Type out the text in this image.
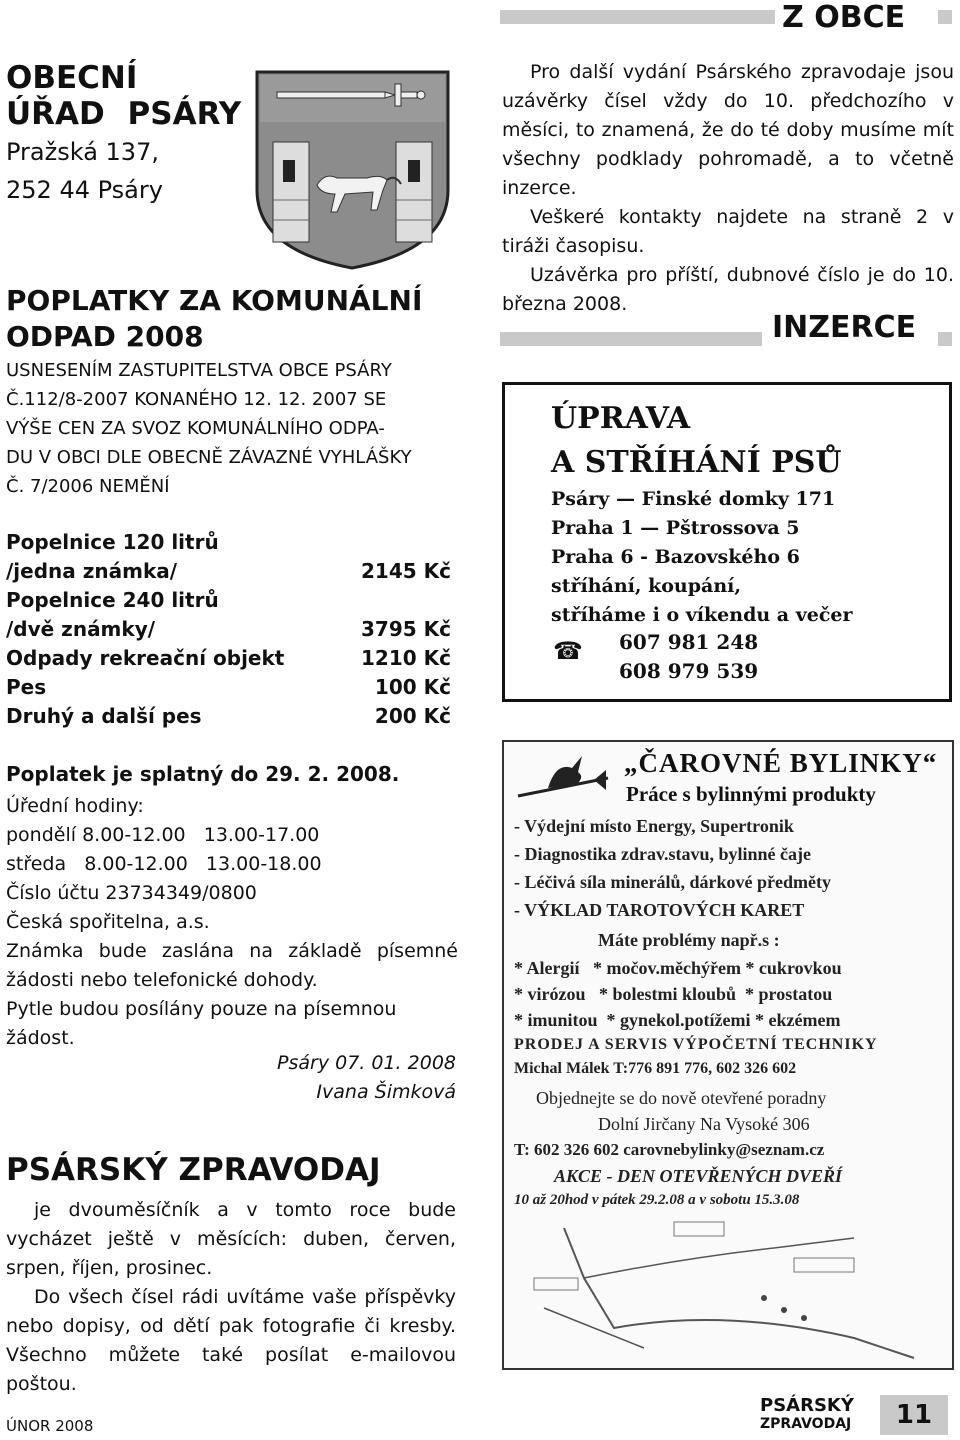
Z OBCE
OBECNÍ
ÚŘAD PSÁRY
Pražská 137,
252 44 Psáry
POPLATKY ZA KOMUNÁLNÍ
ODPAD 2008
USNESENÍM ZASTUPITELSTVA OBCE PSÁRY
Č.112/8-2007 KONANÉHO 12. 12. 2007 SE
VÝŠE CEN ZA SVOZ KOMUNÁLNÍHO ODPA-
DU V OBCI DLE OBECNĚ ZÁVAZNÉ VYHLÁŠKY
Č. 7/2006 NEMĚNÍ
Popelnice 120 litrů
/jedna známka/	2145 Kč
Popelnice 240 litrů
/dvě známky/	3795 Kč
Odpady rekreační objekt	1210 Kč
Pes	100 Kč
Druhý a další pes	200 Kč
Poplatek je splatný do 29. 2. 2008.
Úřední hodiny:
pondělí 8.00-12.00   13.00-17.00
středa   8.00-12.00   13.00-18.00
Číslo účtu 23734349/0800
Česká spořitelna, a.s.
Známka bude zaslána na základě písemné žádosti nebo telefonické dohody.
Pytle budou posílány pouze na písemnou žádost.
Psáry 07. 01. 2008
Ivana Šimková
PSÁRSKÝ ZPRAVODAJ

je dvouměsíčník a v tomto roce bude vycházet ještě v měsících: duben, červen, srpen, říjen, prosinec.

Do všech čísel rádi uvítáme vaše příspěvky nebo dopisy, od dětí pak fotografie či kresby. Všechno můžete také posílat e-mailovou poštou.

Pro další vydání Psárského zpravodaje jsou uzávěrky čísel vždy do 10. předchozího v měsíci, to znamená, že do té doby musíme mít všechny podklady pohromadě, a to včetně inzerce.

Veškeré kontakty najdete na straně 2 v tiráži časopisu.

Uzávěrka pro příští, dubnové číslo je do 10. března 2008.

INZERCE
ÚPRAVA
A STŘÍHÁNÍ PSŮ
Psáry — Finské domky 171
Praha 1 — Pštrossova 5
Praha 6 - Bazovského 6
stříhání, koupání,
stříháme i o víkendu a večer
☎ 607 981 248
608 979 539
„ČAROVNÉ BYLINKY“
Práce s bylinnými produkty
- Výdejní místo Energy, Supertronik
- Diagnostika zdrav.stavu, bylinné čaje
- Léčivá síla minerálů, dárkové předměty
- VÝKLAD TAROTOVÝCH KARET
Máte problémy např.s :
* Alergií   * močov.měchýřem * cukrovkou
* virózou   * bolestmi kloubů  * prostatou
* imunitou  * gynekol.potížemi * ekzémem
PRODEJ A SERVIS VÝPOČETNÍ TECHNIKY
Michal Málek T:776 891 776, 602 326 602
Objednejte se do nově otevřené poradny
Dolní Jirčany Na Vysoké 306
T: 602 326 602 carovnebylinky@seznam.cz
AKCE - DEN OTEVŘENÝCH DVEŘÍ
10 až 20hod v pátek 29.2.08 a v sobotu 15.3.08
ÚNOR 2008
PSÁRSKÝ
ZPRAVODAJ	11
